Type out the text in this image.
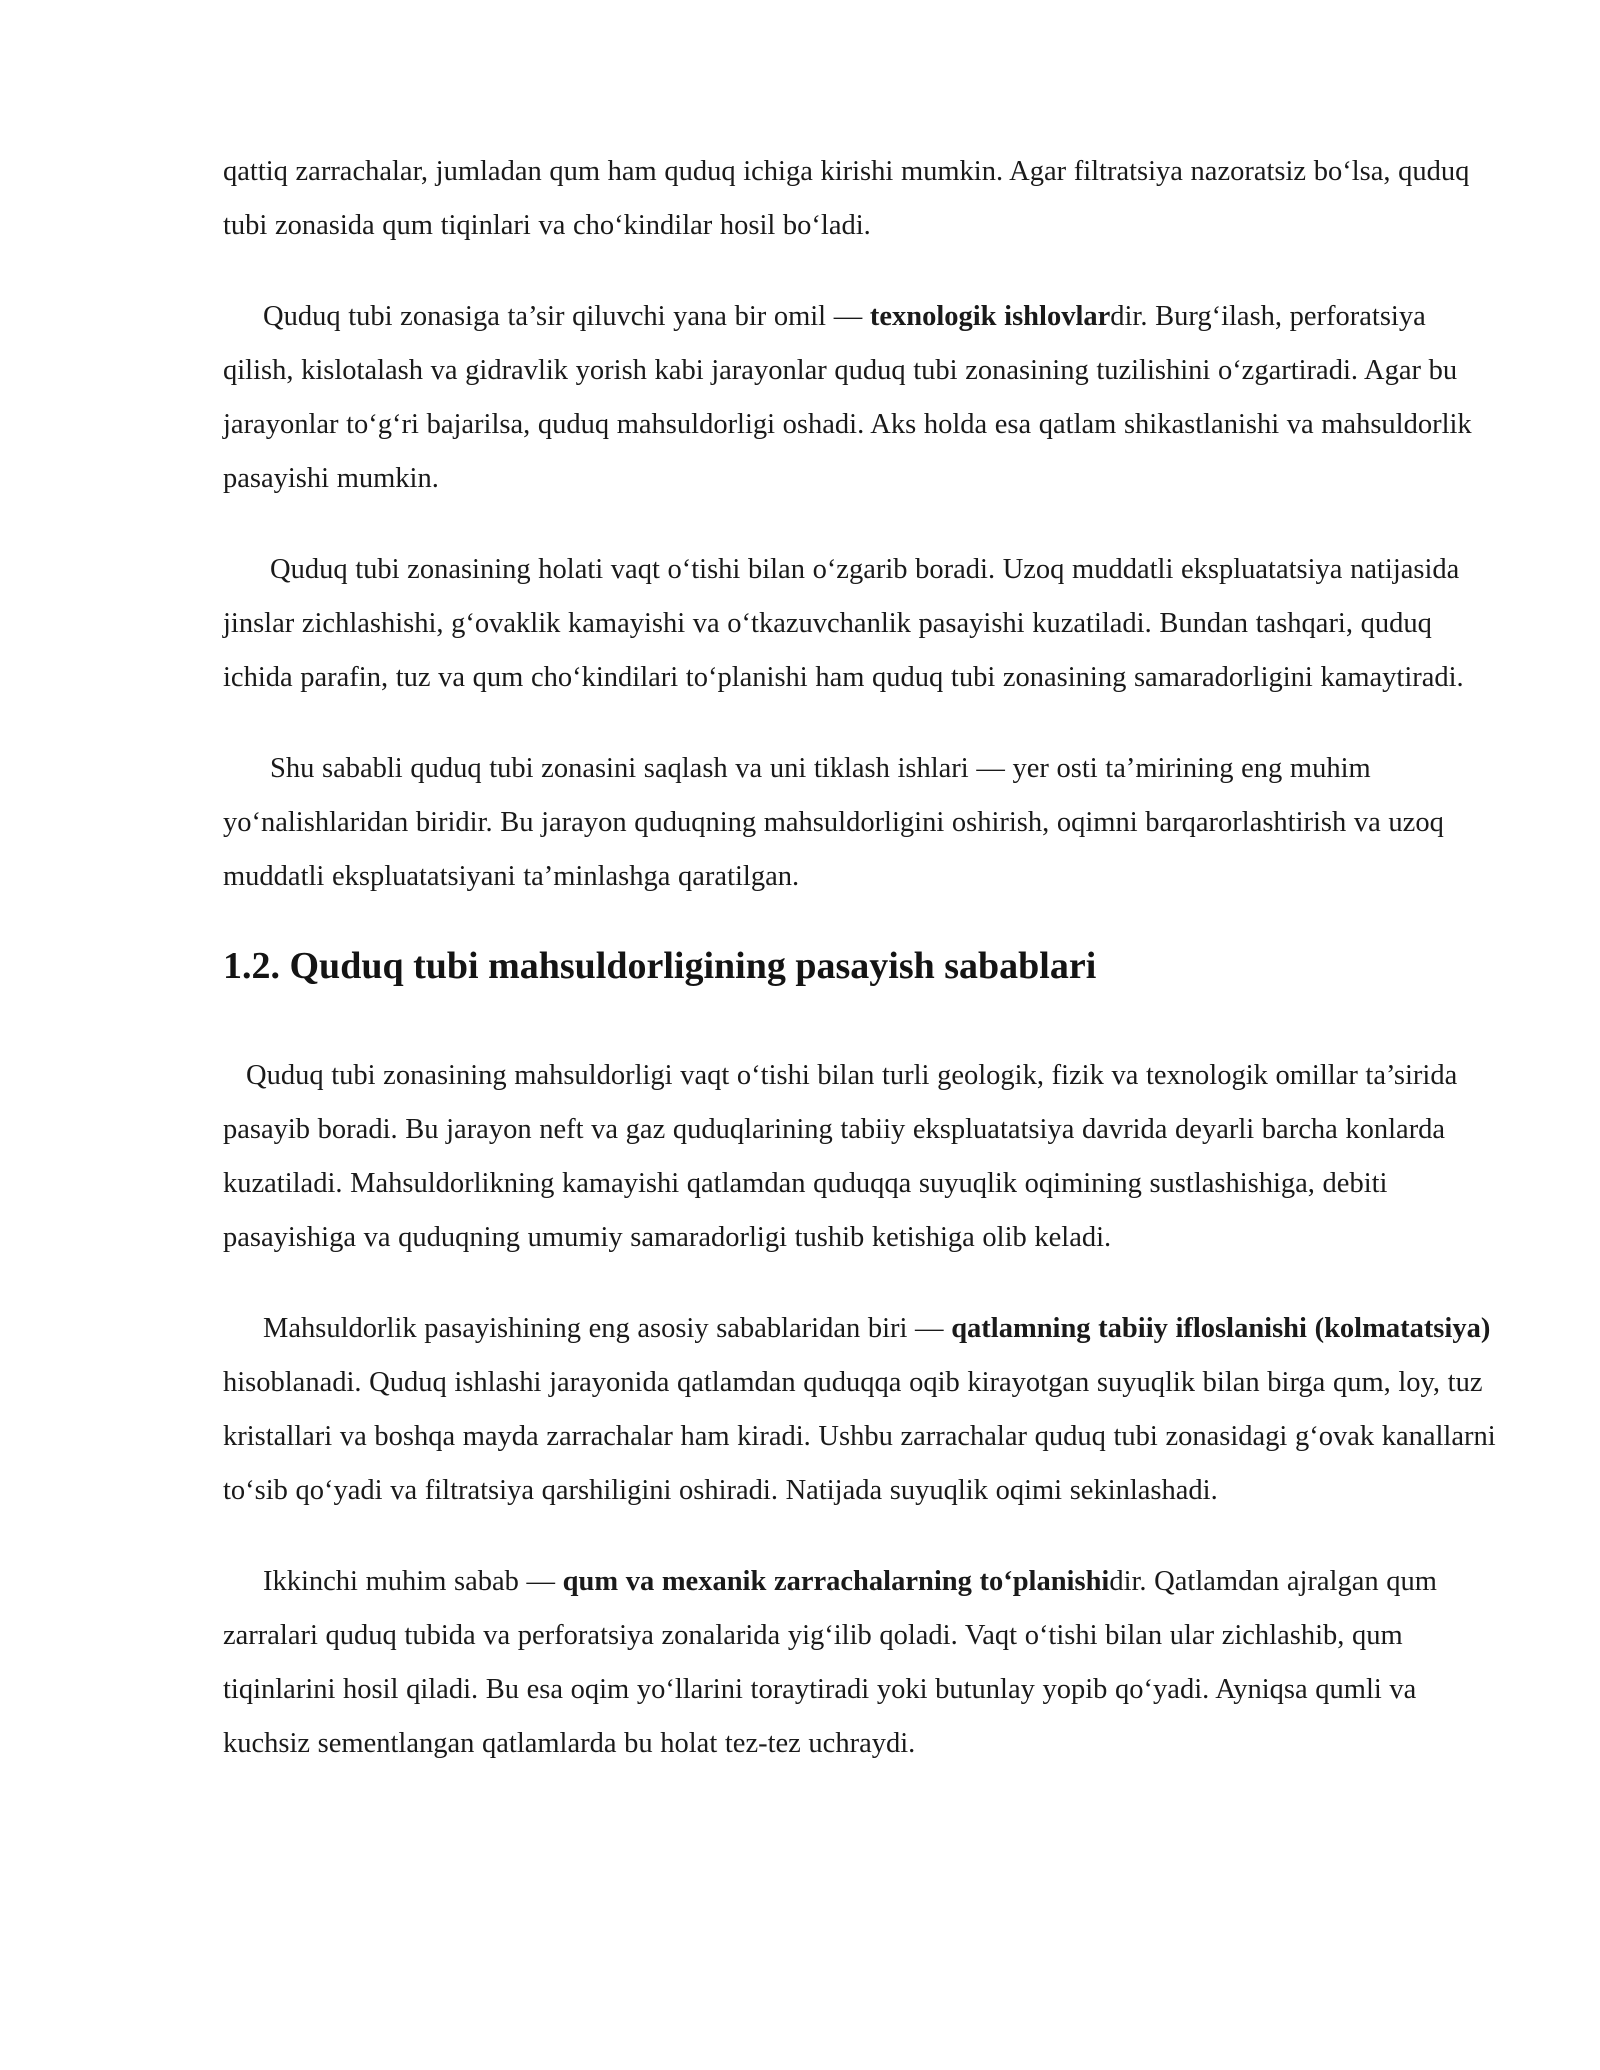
qattiq zarrachalar, jumladan qum ham quduq ichiga kirishi mumkin. Agar filtratsiya nazoratsiz bo‘lsa, quduq tubi zonasida qum tiqinlari va cho‘kindilar hosil bo‘ladi.

Quduq tubi zonasiga ta’sir qiluvchi yana bir omil — texnologik ishlovlardir. Burg‘ilash, perforatsiya qilish, kislotalash va gidravlik yorish kabi jarayonlar quduq tubi zonasining tuzilishini o‘zgartiradi. Agar bu jarayonlar to‘g‘ri bajarilsa, quduq mahsuldorligi oshadi. Aks holda esa qatlam shikastlanishi va mahsuldorlik pasayishi mumkin.

Quduq tubi zonasining holati vaqt o‘tishi bilan o‘zgarib boradi. Uzoq muddatli ekspluatatsiya natijasida jinslar zichlashishi, g‘ovaklik kamayishi va o‘tkazuvchanlik pasayishi kuzatiladi. Bundan tashqari, quduq ichida parafin, tuz va qum cho‘kindilari to‘planishi ham quduq tubi zonasining samaradorligini kamaytiradi.

Shu sababli quduq tubi zonasini saqlash va uni tiklash ishlari — yer osti ta’mirining eng muhim yo‘nalishlaridan biridir. Bu jarayon quduqning mahsuldorligini oshirish, oqimni barqarorlashtirish va uzoq muddatli ekspluatatsiyani ta’minlashga qaratilgan.

1.2. Quduq tubi mahsuldorligining pasayish sabablari

Quduq tubi zonasining mahsuldorligi vaqt o‘tishi bilan turli geologik, fizik va texnologik omillar ta’sirida pasayib boradi. Bu jarayon neft va gaz quduqlarining tabiiy ekspluatatsiya davrida deyarli barcha konlarda kuzatiladi. Mahsuldorlikning kamayishi qatlamdan quduqqa suyuqlik oqimining sustlashishiga, debiti pasayishiga va quduqning umumiy samaradorligi tushib ketishiga olib keladi.

Mahsuldorlik pasayishining eng asosiy sabablaridan biri — qatlamning tabiiy ifloslanishi (kolmatatsiya) hisoblanadi. Quduq ishlashi jarayonida qatlamdan quduqqa oqib kirayotgan suyuqlik bilan birga qum, loy, tuz kristallari va boshqa mayda zarrachalar ham kiradi. Ushbu zarrachalar quduq tubi zonasidagi g‘ovak kanallarni to‘sib qo‘yadi va filtratsiya qarshiligini oshiradi. Natijada suyuqlik oqimi sekinlashadi.

Ikkinchi muhim sabab — qum va mexanik zarrachalarning to‘planishidir. Qatlamdan ajralgan qum zarralari quduq tubida va perforatsiya zonalarida yig‘ilib qoladi. Vaqt o‘tishi bilan ular zichlashib, qum tiqinlarini hosil qiladi. Bu esa oqim yo‘llarini toraytiradi yoki butunlay yopib qo‘yadi. Ayniqsa qumli va kuchsiz sementlangan qatlamlarda bu holat tez-tez uchraydi.
